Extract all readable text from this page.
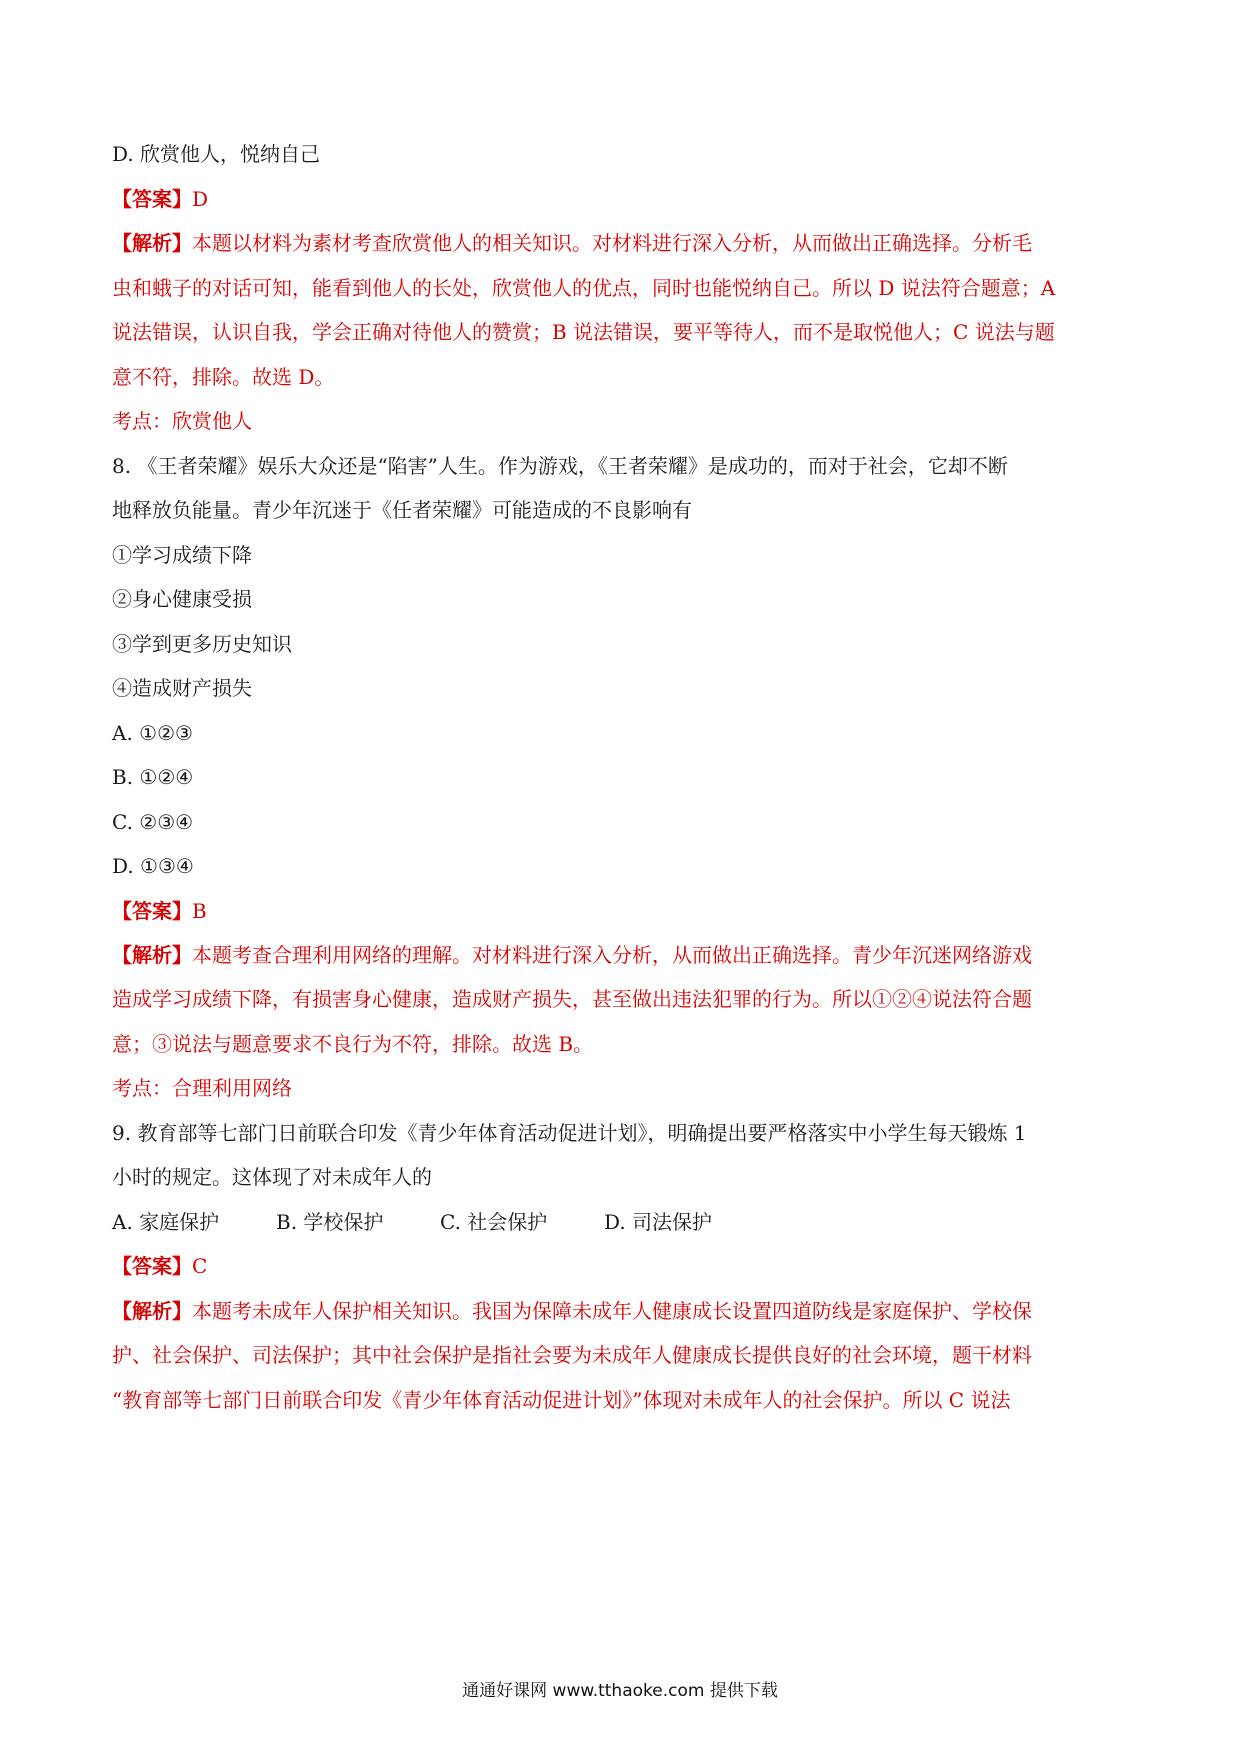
D. 欣赏他人，悦纳自己
【答案】D
【解析】本题以材料为素材考查欣赏他人的相关知识。对材料进行深入分析，从而做出正确选择。分析毛
虫和蛾子的对话可知，能看到他人的长处，欣赏他人的优点，同时也能悦纳自己。所以 D 说法符合题意；A
说法错误，认识自我，学会正确对待他人的赞赏；B 说法错误，要平等待人，而不是取悦他人；C 说法与题
意不符，排除。故选 D。
考点：欣赏他人
8. 《王者荣耀》娱乐大众还是“陷害”人生。作为游戏，《王者荣耀》是成功的，而对于社会，它却不断
地释放负能量。青少年沉迷于《任者荣耀》可能造成的不良影响有
①学习成绩下降
②身心健康受损
③学到更多历史知识
④造成财产损失
A. ①②③
B. ①②④
C. ②③④
D. ①③④
【答案】B
【解析】本题考查合理利用网络的理解。对材料进行深入分析，从而做出正确选择。青少年沉迷网络游戏
造成学习成绩下降，有损害身心健康，造成财产损失，甚至做出违法犯罪的行为。所以①②④说法符合题
意；③说法与题意要求不良行为不符，排除。故选 B。
考点：合理利用网络
9. 教育部等七部门日前联合印发《青少年体育活动促进计划》，明确提出要严格落实中小学生每天锻炼 1
小时的规定。这体现了对未成年人的
A. 家庭保护	B. 学校保护	C. 社会保护	D. 司法保护
【答案】C
【解析】本题考未成年人保护相关知识。我国为保障未成年人健康成长设置四道防线是家庭保护、学校保
护、社会保护、司法保护；其中社会保护是指社会要为未成年人健康成长提供良好的社会环境，题干材料
“教育部等七部门日前联合印发《青少年体育活动促进计划》”体现对未成年人的社会保护。所以 C 说法
通通好课网 www.tthaoke.com 提供下载
